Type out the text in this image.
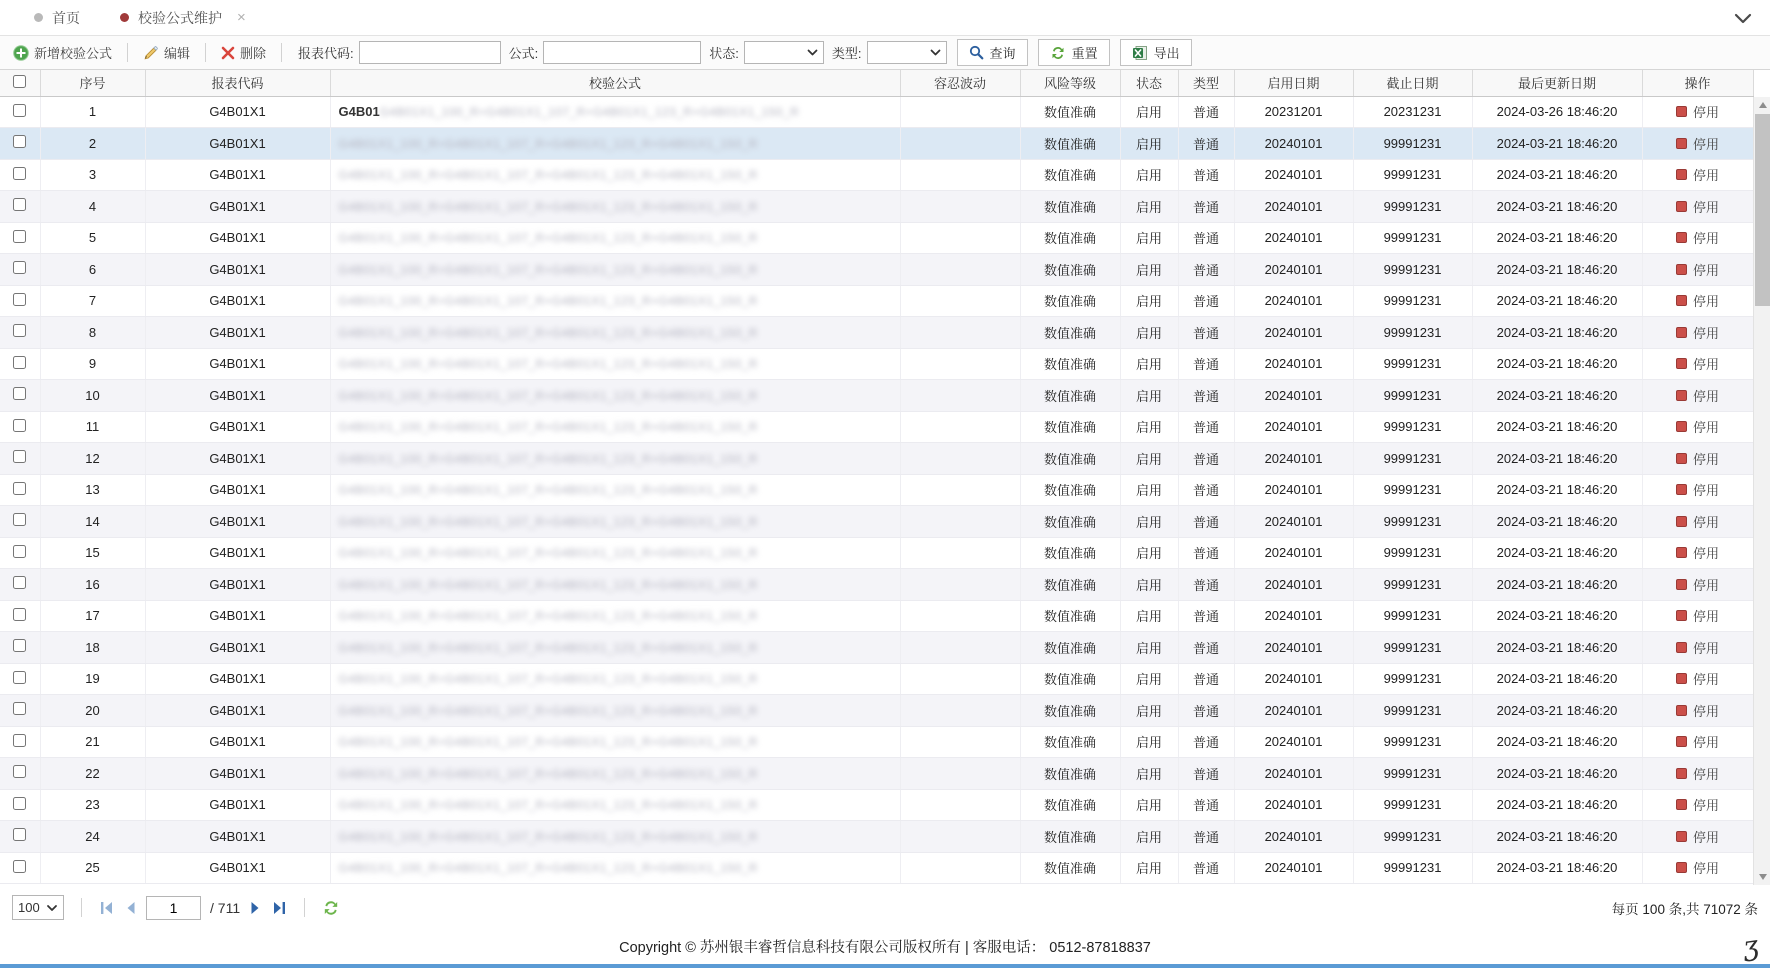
首页	校验公式维护 ×
新增校验公式	编辑	删除 报表代码:	公式:	状态:	类型:	查询	重置	导出
	序号	报表代码	校验公式	容忍波动	风险等级	状态	类型	启用日期	截止日期	最后更新日期	操作
	1	G4B01X1	G4B01G4B01X1_100_R=G4B01X1_107_R+G4B01X1_123_R+G4B01X1_150_R		数值准确	启用	普通	20231201	20231231	2024-03-26 18:46:20	停用

	2	G4B01X1	G4B01X1_100_R=G4B01X1_107_R+G4B01X1_123_R+G4B01X1_150_R		数值准确	启用	普通	20240101	99991231	2024-03-21 18:46:20	停用

	3	G4B01X1	G4B01X1_100_R=G4B01X1_107_R+G4B01X1_123_R+G4B01X1_150_R		数值准确	启用	普通	20240101	99991231	2024-03-21 18:46:20	停用

	4	G4B01X1	G4B01X1_100_R=G4B01X1_107_R+G4B01X1_123_R+G4B01X1_150_R		数值准确	启用	普通	20240101	99991231	2024-03-21 18:46:20	停用

	5	G4B01X1	G4B01X1_100_R=G4B01X1_107_R+G4B01X1_123_R+G4B01X1_150_R		数值准确	启用	普通	20240101	99991231	2024-03-21 18:46:20	停用

	6	G4B01X1	G4B01X1_100_R=G4B01X1_107_R+G4B01X1_123_R+G4B01X1_150_R		数值准确	启用	普通	20240101	99991231	2024-03-21 18:46:20	停用

	7	G4B01X1	G4B01X1_100_R=G4B01X1_107_R+G4B01X1_123_R+G4B01X1_150_R		数值准确	启用	普通	20240101	99991231	2024-03-21 18:46:20	停用

	8	G4B01X1	G4B01X1_100_R=G4B01X1_107_R+G4B01X1_123_R+G4B01X1_150_R		数值准确	启用	普通	20240101	99991231	2024-03-21 18:46:20	停用

	9	G4B01X1	G4B01X1_100_R=G4B01X1_107_R+G4B01X1_123_R+G4B01X1_150_R		数值准确	启用	普通	20240101	99991231	2024-03-21 18:46:20	停用

	10	G4B01X1	G4B01X1_100_R=G4B01X1_107_R+G4B01X1_123_R+G4B01X1_150_R		数值准确	启用	普通	20240101	99991231	2024-03-21 18:46:20	停用

	11	G4B01X1	G4B01X1_100_R=G4B01X1_107_R+G4B01X1_123_R+G4B01X1_150_R		数值准确	启用	普通	20240101	99991231	2024-03-21 18:46:20	停用

	12	G4B01X1	G4B01X1_100_R=G4B01X1_107_R+G4B01X1_123_R+G4B01X1_150_R		数值准确	启用	普通	20240101	99991231	2024-03-21 18:46:20	停用

	13	G4B01X1	G4B01X1_100_R=G4B01X1_107_R+G4B01X1_123_R+G4B01X1_150_R		数值准确	启用	普通	20240101	99991231	2024-03-21 18:46:20	停用

	14	G4B01X1	G4B01X1_100_R=G4B01X1_107_R+G4B01X1_123_R+G4B01X1_150_R		数值准确	启用	普通	20240101	99991231	2024-03-21 18:46:20	停用

	15	G4B01X1	G4B01X1_100_R=G4B01X1_107_R+G4B01X1_123_R+G4B01X1_150_R		数值准确	启用	普通	20240101	99991231	2024-03-21 18:46:20	停用

	16	G4B01X1	G4B01X1_100_R=G4B01X1_107_R+G4B01X1_123_R+G4B01X1_150_R		数值准确	启用	普通	20240101	99991231	2024-03-21 18:46:20	停用

	17	G4B01X1	G4B01X1_100_R=G4B01X1_107_R+G4B01X1_123_R+G4B01X1_150_R		数值准确	启用	普通	20240101	99991231	2024-03-21 18:46:20	停用

	18	G4B01X1	G4B01X1_100_R=G4B01X1_107_R+G4B01X1_123_R+G4B01X1_150_R		数值准确	启用	普通	20240101	99991231	2024-03-21 18:46:20	停用

	19	G4B01X1	G4B01X1_100_R=G4B01X1_107_R+G4B01X1_123_R+G4B01X1_150_R		数值准确	启用	普通	20240101	99991231	2024-03-21 18:46:20	停用

	20	G4B01X1	G4B01X1_100_R=G4B01X1_107_R+G4B01X1_123_R+G4B01X1_150_R		数值准确	启用	普通	20240101	99991231	2024-03-21 18:46:20	停用

	21	G4B01X1	G4B01X1_100_R=G4B01X1_107_R+G4B01X1_123_R+G4B01X1_150_R		数值准确	启用	普通	20240101	99991231	2024-03-21 18:46:20	停用

	22	G4B01X1	G4B01X1_100_R=G4B01X1_107_R+G4B01X1_123_R+G4B01X1_150_R		数值准确	启用	普通	20240101	99991231	2024-03-21 18:46:20	停用

	23	G4B01X1	G4B01X1_100_R=G4B01X1_107_R+G4B01X1_123_R+G4B01X1_150_R		数值准确	启用	普通	20240101	99991231	2024-03-21 18:46:20	停用

	24	G4B01X1	G4B01X1_100_R=G4B01X1_107_R+G4B01X1_123_R+G4B01X1_150_R		数值准确	启用	普通	20240101	99991231	2024-03-21 18:46:20	停用

	25	G4B01X1	G4B01X1_100_R=G4B01X1_107_R+G4B01X1_123_R+G4B01X1_150_R		数值准确	启用	普通	20240101	99991231	2024-03-21 18:46:20	停用
100
1	/ 711	每页 100 条,共 71072 条
Copyright © 苏州银丰睿哲信息科技有限公司版权所有 | 客服电话： 0512-87818837	ʒ
